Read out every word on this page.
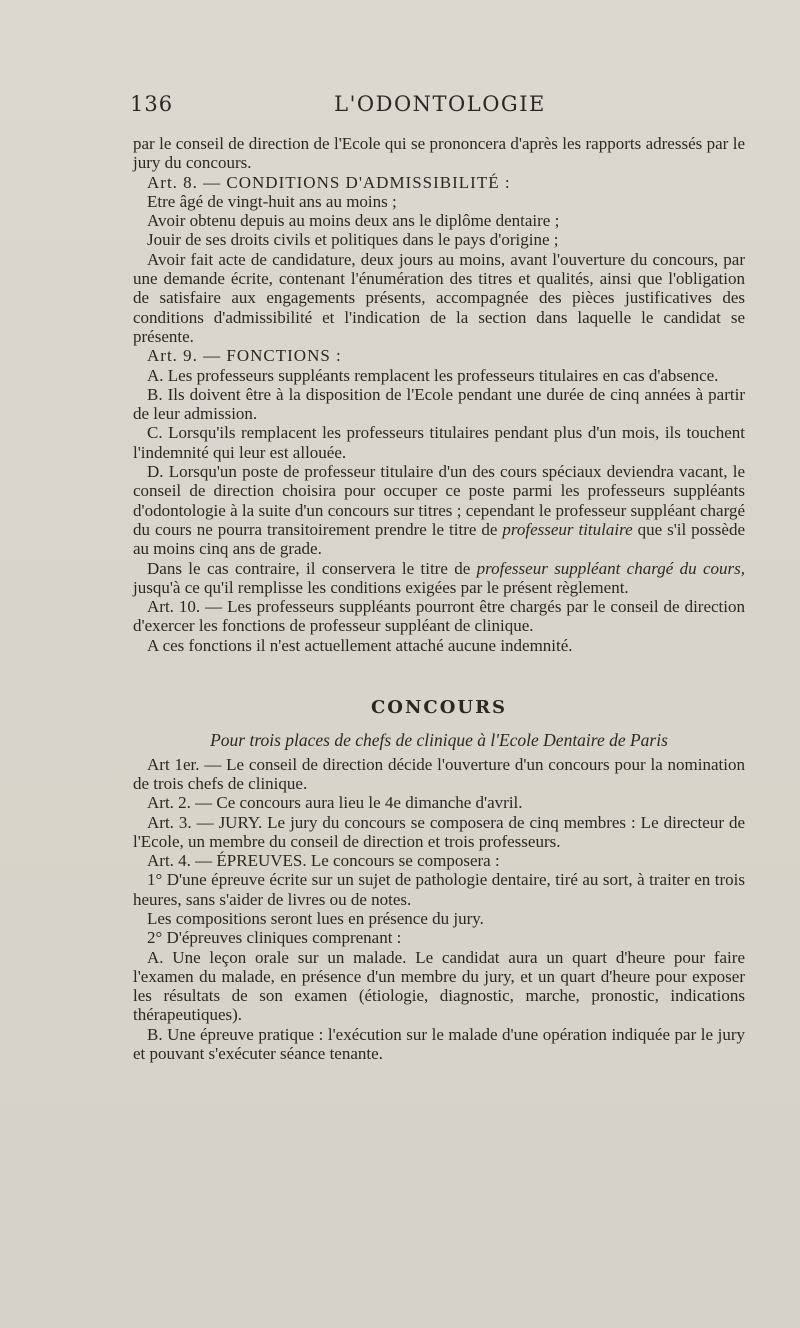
136	L'ODONTOLOGIE

par le conseil de direction de l'Ecole qui se prononcera d'après les rapports adressés par le jury du concours.

Art. 8. — CONDITIONS D'ADMISSIBILITÉ :

Etre âgé de vingt-huit ans au moins ;

Avoir obtenu depuis au moins deux ans le diplôme dentaire ;

Jouir de ses droits civils et politiques dans le pays d'origine ;

Avoir fait acte de candidature, deux jours au moins, avant l'ouverture du concours, par une demande écrite, contenant l'énumération des titres et qualités, ainsi que l'obligation de satisfaire aux engagements présents, accompagnée des pièces justificatives des conditions d'admissibilité et l'indication de la section dans laquelle le candidat se présente.

Art. 9. — FONCTIONS :

A. Les professeurs suppléants remplacent les professeurs titulaires en cas d'absence.

B. Ils doivent être à la disposition de l'Ecole pendant une durée de cinq années à partir de leur admission.

C. Lorsqu'ils remplacent les professeurs titulaires pendant plus d'un mois, ils touchent l'indemnité qui leur est allouée.

D. Lorsqu'un poste de professeur titulaire d'un des cours spéciaux deviendra vacant, le conseil de direction choisira pour occuper ce poste parmi les professeurs suppléants d'odontologie à la suite d'un concours sur titres ; cependant le professeur suppléant chargé du cours ne pourra transitoirement prendre le titre de professeur titulaire que s'il possède au moins cinq ans de grade.

Dans le cas contraire, il conservera le titre de professeur suppléant chargé du cours, jusqu'à ce qu'il remplisse les conditions exigées par le présent règlement.

Art. 10. — Les professeurs suppléants pourront être chargés par le conseil de direction d'exercer les fonctions de professeur suppléant de clinique.

A ces fonctions il n'est actuellement attaché aucune indemnité.

CONCOURS

Pour trois places de chefs de clinique à l'Ecole Dentaire de Paris

Art 1er. — Le conseil de direction décide l'ouverture d'un concours pour la nomination de trois chefs de clinique.

Art. 2. — Ce concours aura lieu le 4e dimanche d'avril.

Art. 3. — JURY. Le jury du concours se composera de cinq membres : Le directeur de l'Ecole, un membre du conseil de direction et trois professeurs.

Art. 4. — ÉPREUVES. Le concours se composera :

1° D'une épreuve écrite sur un sujet de pathologie dentaire, tiré au sort, à traiter en trois heures, sans s'aider de livres ou de notes.

Les compositions seront lues en présence du jury.

2° D'épreuves cliniques comprenant :

A. Une leçon orale sur un malade. Le candidat aura un quart d'heure pour faire l'examen du malade, en présence d'un membre du jury, et un quart d'heure pour exposer les résultats de son examen (étiologie, diagnostic, marche, pronostic, indications thérapeutiques).

B. Une épreuve pratique : l'exécution sur le malade d'une opération indiquée par le jury et pouvant s'exécuter séance tenante.
